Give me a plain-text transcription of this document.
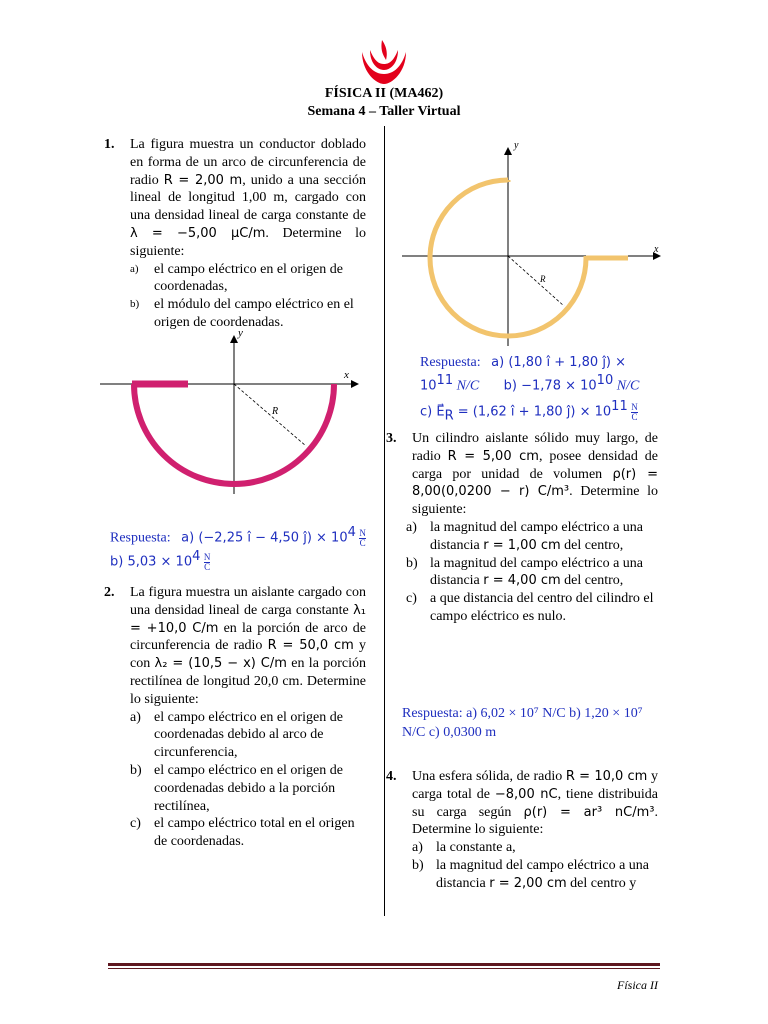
FÍSICA II (MA462)
Semana 4 – Taller Virtual

1. La figura muestra un conductor doblado en forma de un arco de circunferencia de radio R = 2,00 m, unido a una sección lineal de longitud 1,00 m, cargado con una densidad lineal de carga constante de λ = −5,00 μC/m. Determine lo siguiente:

a) el campo eléctrico en el origen de coordenadas,
b) el módulo del campo eléctrico en el origen de coordenadas.
x
y
R
Respuesta: a) (−2,25 î − 4,50 ĵ) × $10^4 \frac{N}{C}$
b) $5,03 \times 10^4 \frac{N}{C}$

2. La figura muestra un aislante cargado con una densidad lineal de carga constante λ₁ = +10,0 C/m en la porción de arco de circunferencia de radio R = 50,0 cm y con λ₂ = (10,5 − x) C/m en la porción rectilínea de longitud 20,0 cm. Determine lo siguiente:

a) el campo eléctrico en el origen de coordenadas debido al arco de circunferencia,
b) el campo eléctrico en el origen de coordenadas debido a la porción rectilínea,
c) el campo eléctrico total en el origen de coordenadas.
x
y
R
Respuesta: a) (1,80 î + 1,80 ĵ) ×
$10^{11}$ N/C $b) -1,78 \times 10^{10}$ N/C
c) $E⃗_R = (1,62$ î + 1,80 ĵ) × $10^{11} \frac{N}{C}$

3. Un cilindro aislante sólido muy largo, de radio R = 5,00 cm, posee densidad de carga por unidad de volumen ρ(r) = 8,00(0,0200 − r) C/m³. Determine lo siguiente:

a) la magnitud del campo eléctrico a una distancia r = 1,00 cm del centro,
b) la magnitud del campo eléctrico a una distancia r = 4,00 cm del centro,
c) a que distancia del centro del cilindro el campo eléctrico es nulo.
Respuesta: a) 6,02 × 10⁷ N/C b) 1,20 × 10⁷ N/C c) 0,0300 m

4. Una esfera sólida, de radio R = 10,0 cm y carga total de −8,00 nC, tiene distribuida su carga según ρ(r) = ar³ nC/m³. Determine lo siguiente:

a) la constante a,
b) la magnitud del campo eléctrico a una distancia r = 2,00 cm del centro y
Física II
